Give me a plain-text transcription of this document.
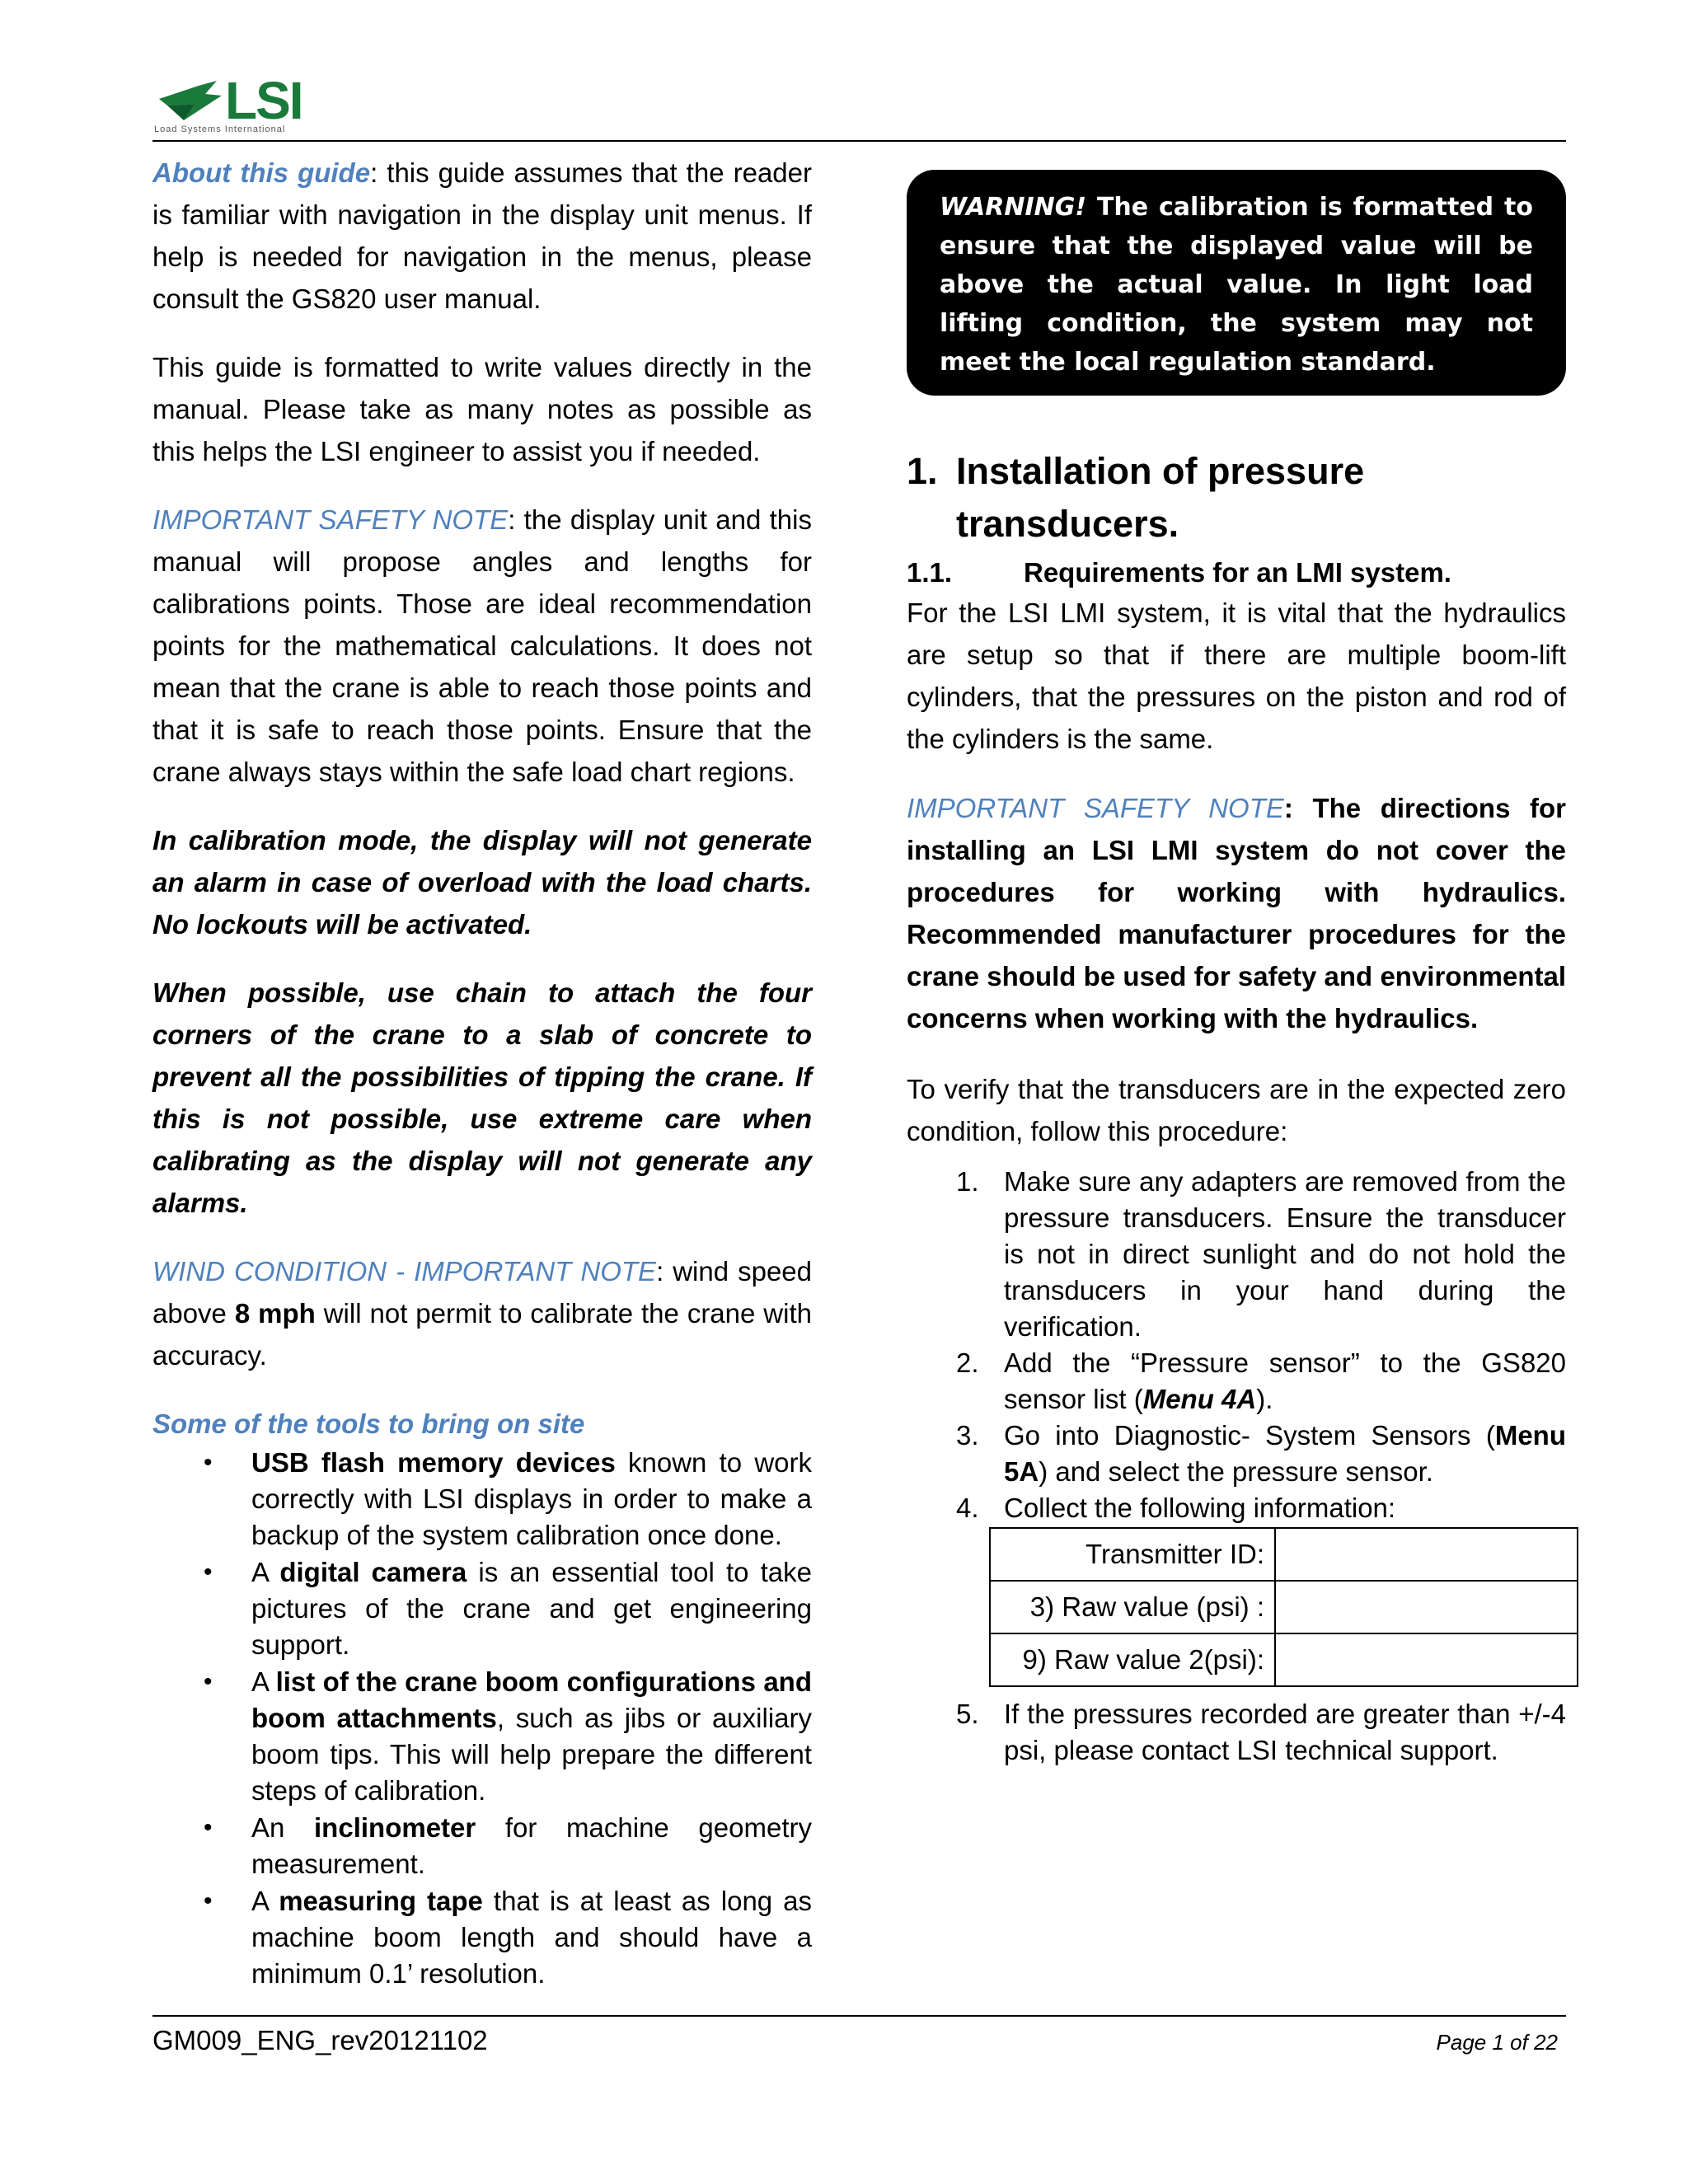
LSI
Load Systems International

About this guide: this guide assumes that the reader is familiar with navigation in the display unit menus. If help is needed for navigation in the menus, please consult the GS820 user manual.

This guide is formatted to write values directly in the manual. Please take as many notes as possible as this helps the LSI engineer to assist you if needed.

IMPORTANT SAFETY NOTE: the display unit and this manual will propose angles and lengths for calibrations points. Those are ideal recommendation points for the mathematical calculations. It does not mean that the crane is able to reach those points and that it is safe to reach those points. Ensure that the crane always stays within the safe load chart regions.

In calibration mode, the display will not generate an alarm in case of overload with the load charts. No lockouts will be activated.

When possible, use chain to attach the four corners of the crane to a slab of concrete to prevent all the possibilities of tipping the crane. If this is not possible, use extreme care when calibrating as the display will not generate any alarms.

WIND CONDITION - IMPORTANT NOTE: wind speed above 8 mph will not permit to calibrate the crane with accuracy.

Some of the tools to bring on site

• USB flash memory devices known to work correctly with LSI displays in order to make a backup of the system calibration once done.
• A digital camera is an essential tool to take pictures of the crane and get engineering support.
• A list of the crane boom configurations and boom attachments, such as jibs or auxiliary boom tips. This will help prepare the different steps of calibration.
• An inclinometer for machine geometry measurement.
• A measuring tape that is at least as long as machine boom length and should have a minimum 0.1’ resolution.
WARNING! The calibration is formatted to ensure that the displayed value will be above the actual value. In light load lifting condition, the system may not meet the local regulation standard.
1. Installation of pressure transducers.
1.1.	Requirements for an LMI system.

For the LSI LMI system, it is vital that the hydraulics are setup so that if there are multiple boom-lift cylinders, that the pressures on the piston and rod of the cylinders is the same.

IMPORTANT SAFETY NOTE: The directions for installing an LSI LMI system do not cover the procedures for working with hydraulics. Recommended manufacturer procedures for the crane should be used for safety and environmental concerns when working with the hydraulics.

To verify that the transducers are in the expected zero condition, follow this procedure:

1. Make sure any adapters are removed from the pressure transducers. Ensure the transducer is not in direct sunlight and do not hold the transducers in your hand during the verification.
2. Add the “Pressure sensor” to the GS820 sensor list (Menu 4A).
3. Go into Diagnostic- System Sensors (Menu 5A) and select the pressure sensor.
4. Collect the following information:
5. If the pressures recorded are greater than +/-4 psi, please contact LSI technical support.
Transmitter ID:	
3) Raw value (psi) :	
9) Raw value 2(psi):	
GM009_ENG_rev20121102	Page 1 of 22
